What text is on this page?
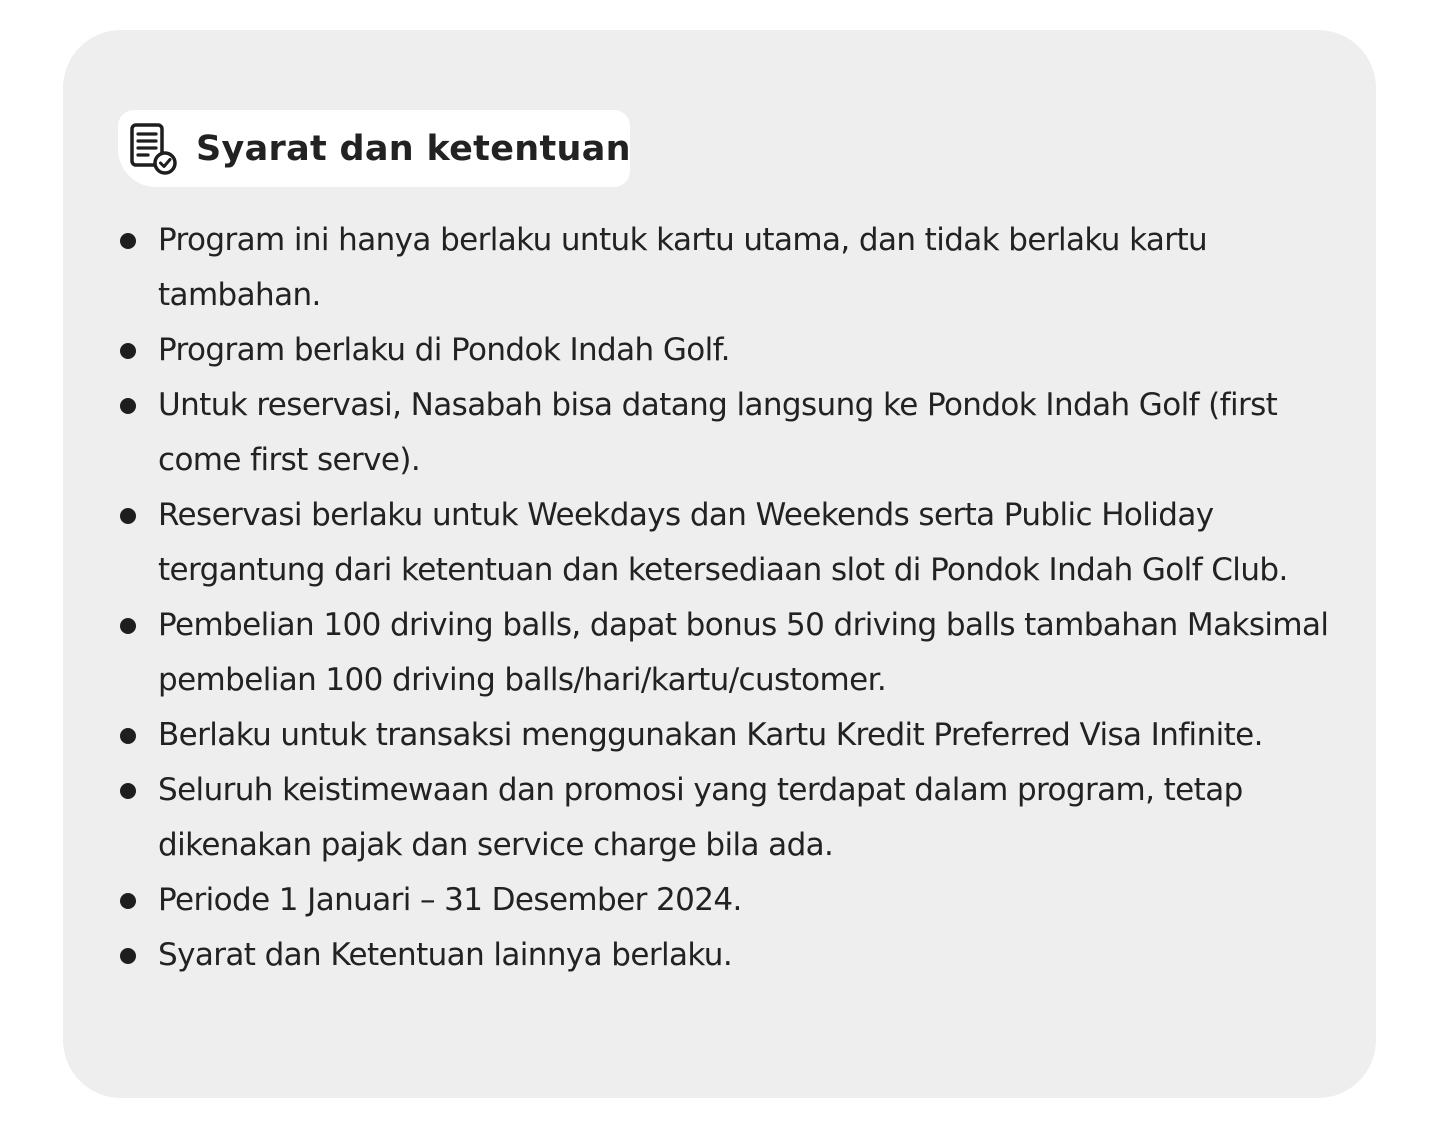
Syarat dan ketentuan
Program ini hanya berlaku untuk kartu utama, dan tidak berlaku kartu tambahan.
Program berlaku di Pondok Indah Golf.
Untuk reservasi, Nasabah bisa datang langsung ke Pondok Indah Golf (first come first serve).
Reservasi berlaku untuk Weekdays dan Weekends serta Public Holiday tergantung dari ketentuan dan ketersediaan slot di Pondok Indah Golf Club.
Pembelian 100 driving balls, dapat bonus 50 driving balls tambahan Maksimal pembelian 100 driving balls/hari/kartu/customer.
Berlaku untuk transaksi menggunakan Kartu Kredit Preferred Visa Infinite.
Seluruh keistimewaan dan promosi yang terdapat dalam program, tetap dikenakan pajak dan service charge bila ada.
Periode 1 Januari – 31 Desember 2024.
Syarat dan Ketentuan lainnya berlaku.
